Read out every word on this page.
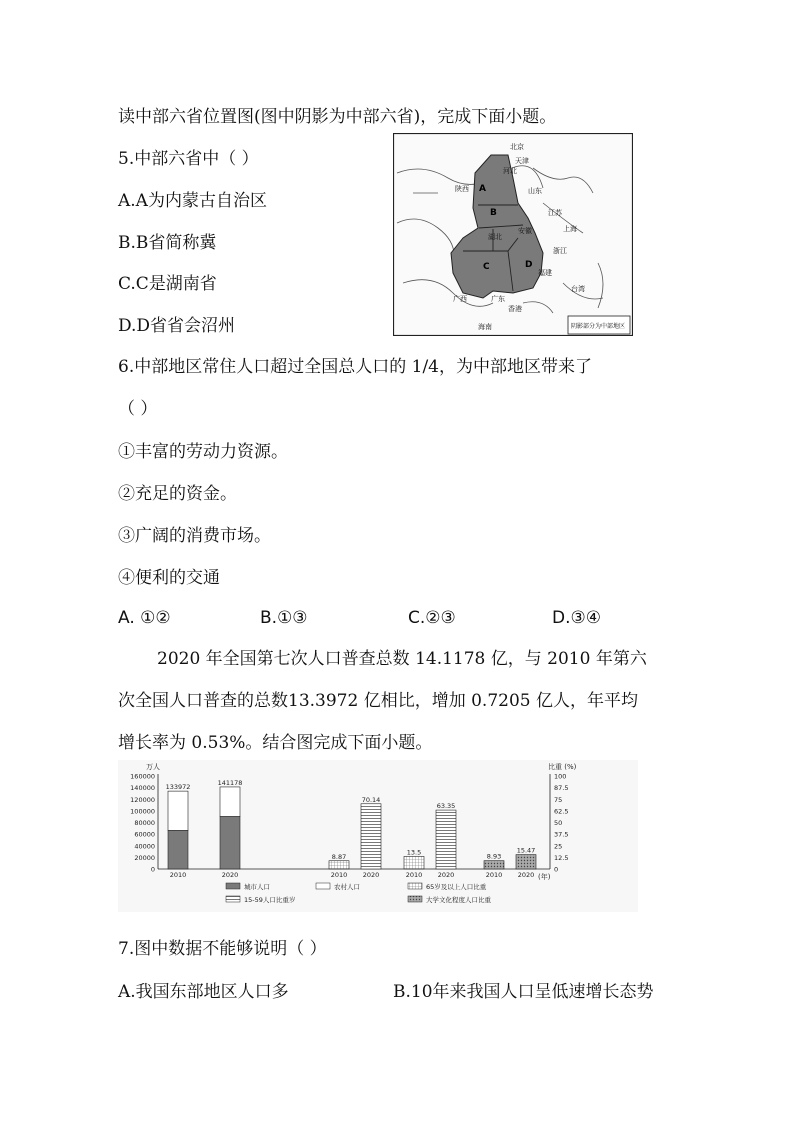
读中部六省位置图(图中阴影为中部六省)，完成下面小题。
5.中部六省中（ ）
A.A为内蒙古自治区
B.B省简称冀
C.C是湖南省
D.D省省会沼州
A
B
C	D
北京
天津
河北
山东
陕西
江苏
上海
湖北
安徽
浙江
福建
广西	广东
香港
台湾
海南	阴影部分为中部地区
6.中部地区常住人口超过全国总人口的 1/4，为中部地区带来了
（ ）
①丰富的劳动力资源。
②充足的资金。
③广阔的消费市场。
④便利的交通
A. ①②	B.①③	C.②③	D.③④
2020 年全国第七次人口普查总数 14.1178 亿，与 2010 年第六
次全国人口普查的总数13.3972 亿相比，增加 0.7205 亿人，年平均
增长率为 0.53%。结合图完成下面小题。
万人	比重 (%)
160000
140000
120000
100000
80000
60000
40000
20000
0
100
87.5
75
62.5
50
37.5
25
12.5
0
133972
2010
141178
2020
8.87
2010
70.14
2020
13.5
2010
63.35
2020
8.93
2010
15.47
2020 (年)
城市人口	农村人口	65岁及以上人口比重
15-59人口比重岁	大学文化程度人口比重
7.图中数据不能够说明（ ）
A.我国东部地区人口多	B.10年来我国人口呈低速增长态势
